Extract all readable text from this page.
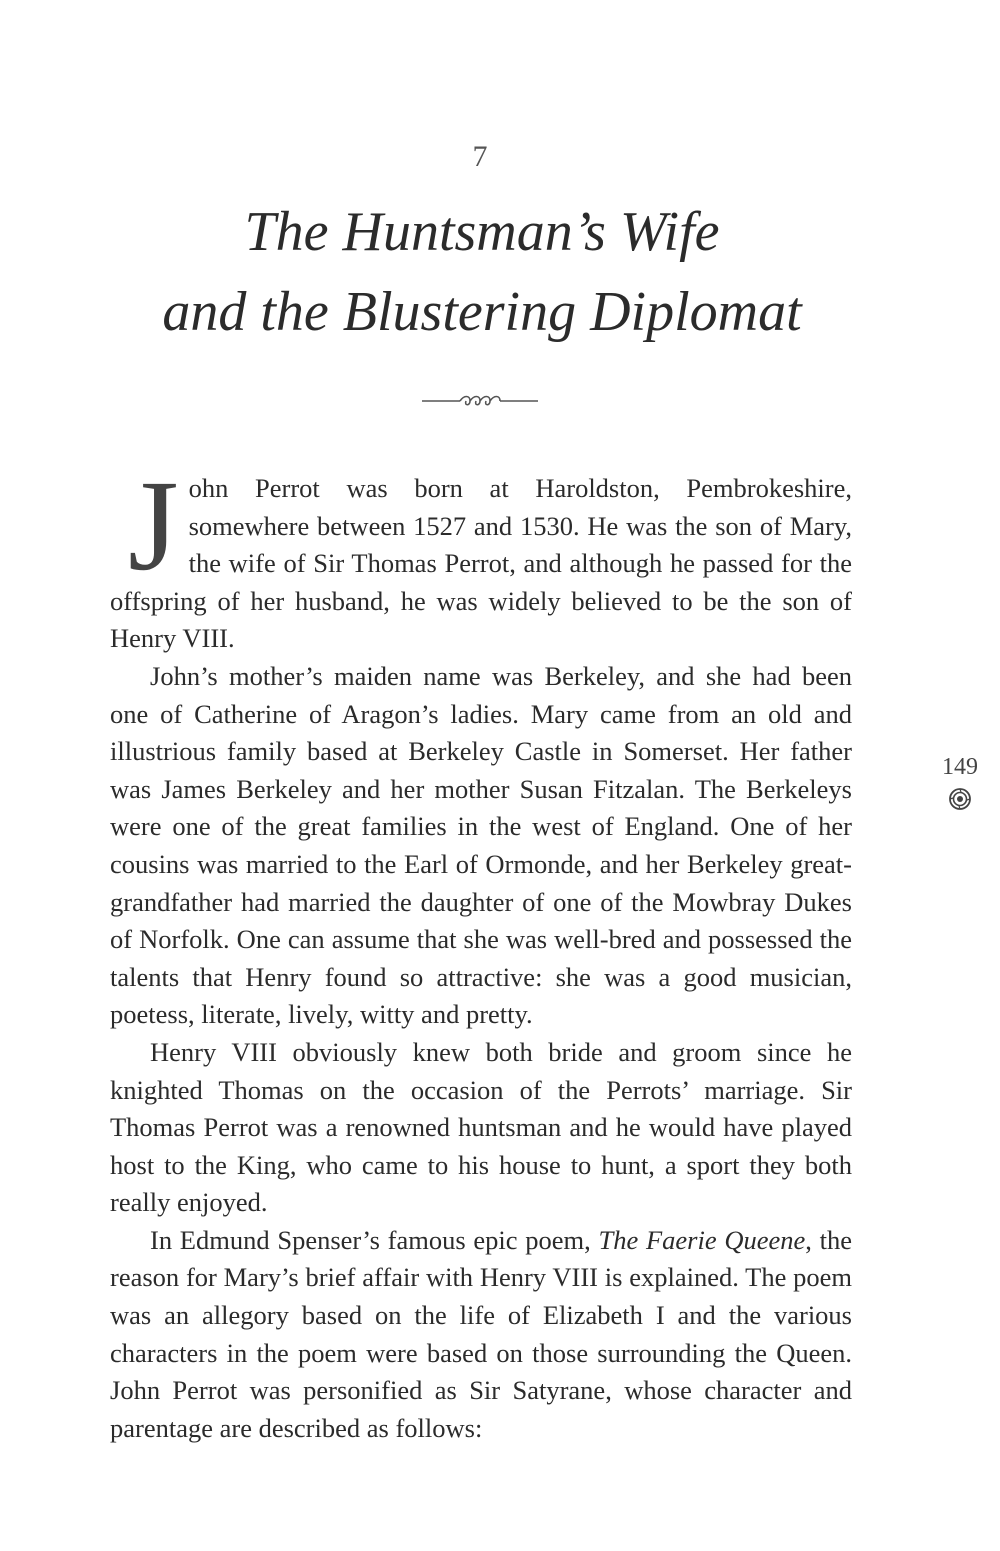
7
The Huntsman’s Wife
and the Blustering Diplomat

John Perrot was born at Haroldston, Pembrokeshire, somewhere between 1527 and 1530. He was the son of Mary, the wife of Sir Thomas Perrot, and although he passed for the offspring of her husband, he was widely believed to be the son of Henry VIII.

John’s mother’s maiden name was Berkeley, and she had been one of Catherine of Aragon’s ladies. Mary came from an old and illustrious family based at Berkeley Castle in Somerset. Her father was James Berkeley and her mother Susan Fitzalan. The Berkeleys were one of the great families in the west of England. One of her cousins was married to the Earl of Ormonde, and her Berkeley great-grandfather had married the daughter of one of the Mowbray Dukes of Norfolk. One can assume that she was well-bred and possessed the talents that Henry found so attractive: she was a good musician, poetess, literate, lively, witty and pretty.

Henry VIII obviously knew both bride and groom since he knighted Thomas on the occasion of the Perrots’ marriage. Sir Thomas Perrot was a renowned huntsman and he would have played host to the King, who came to his house to hunt, a sport they both really enjoyed.

In Edmund Spenser’s famous epic poem, The Faerie Queene, the reason for Mary’s brief affair with Henry VIII is explained. The poem was an allegory based on the life of Elizabeth I and the various characters in the poem were based on those surrounding the Queen. John Perrot was personified as Sir Satyrane, whose character and parentage are described as follows:

149
